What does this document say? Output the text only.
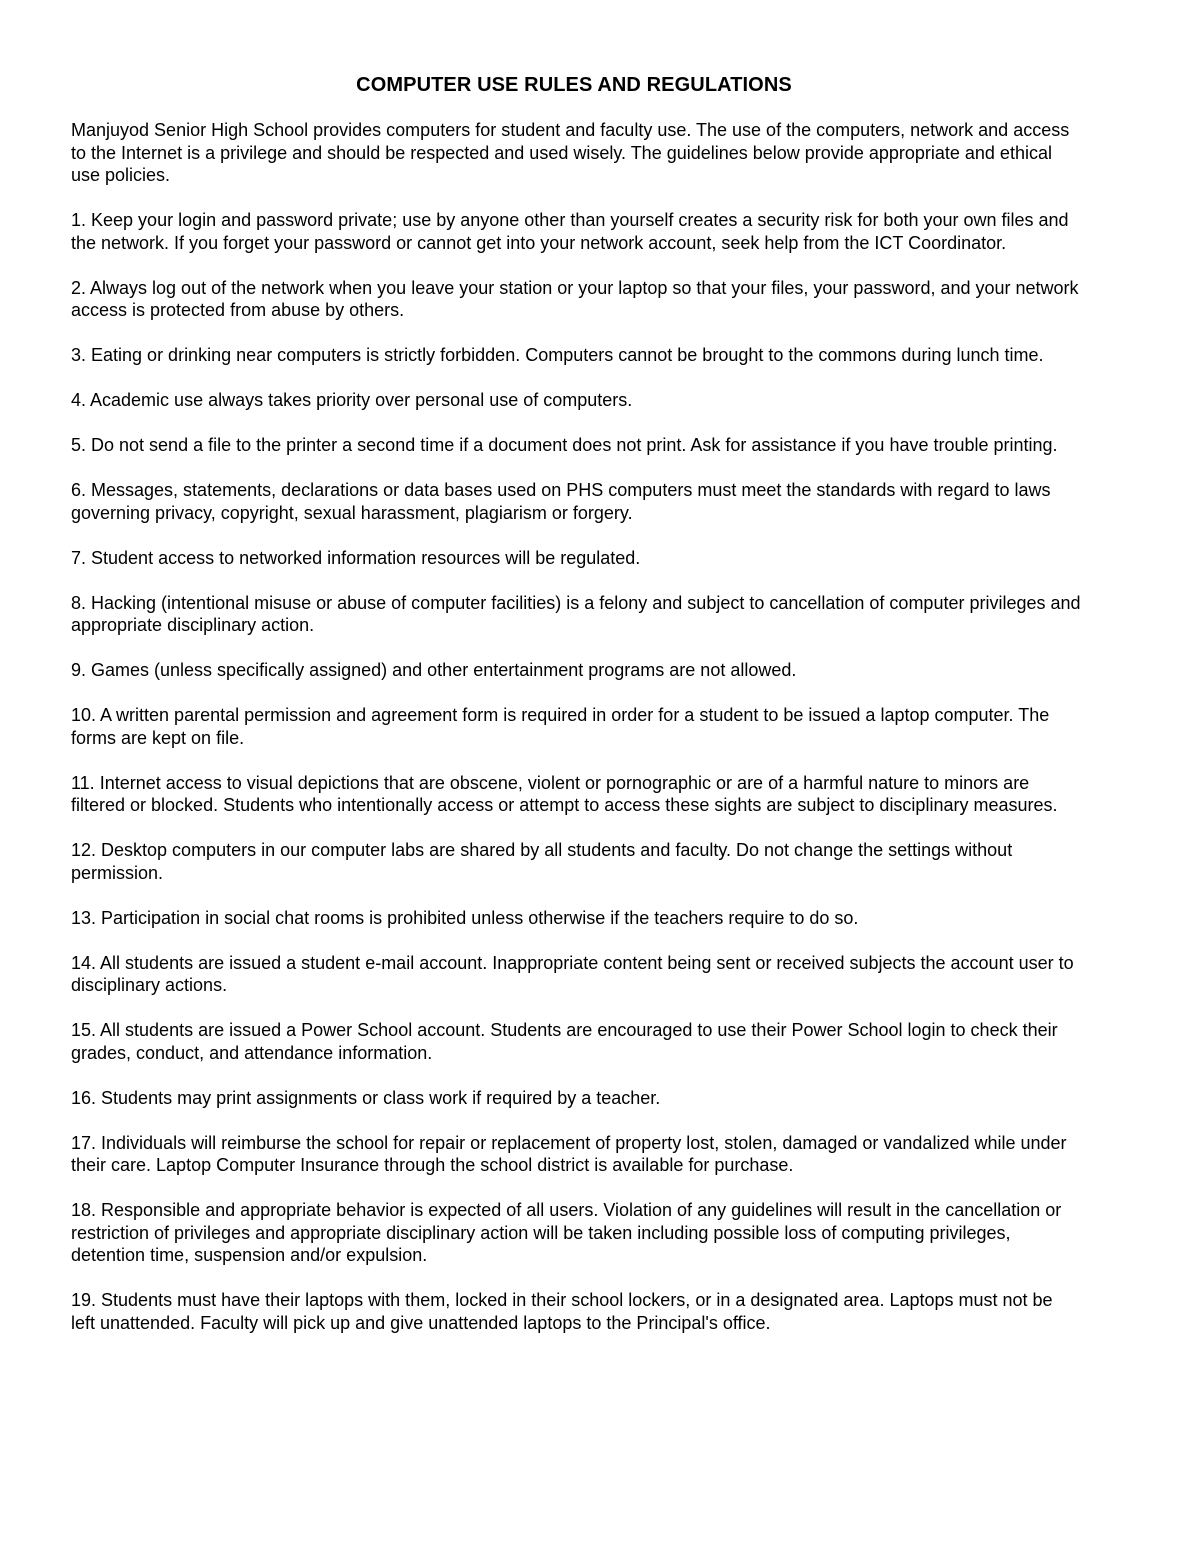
COMPUTER USE RULES AND REGULATIONS

Manjuyod Senior High School provides computers for student and faculty use. The use of the computers, network and access to the Internet is a privilege and should be respected and used wisely. The guidelines below provide appropriate and ethical use policies.

1. Keep your login and password private; use by anyone other than yourself creates a security risk for both your own files and the network. If you forget your password or cannot get into your network account, seek help from the ICT Coordinator.

2. Always log out of the network when you leave your station or your laptop so that your files, your password, and your network access is protected from abuse by others.

3. Eating or drinking near computers is strictly forbidden. Computers cannot be brought to the commons during lunch time.

4. Academic use always takes priority over personal use of computers.

5. Do not send a file to the printer a second time if a document does not print. Ask for assistance if you have trouble printing.

6. Messages, statements, declarations or data bases used on PHS computers must meet the standards with regard to laws governing privacy, copyright, sexual harassment, plagiarism or forgery.

7. Student access to networked information resources will be regulated.

8. Hacking (intentional misuse or abuse of computer facilities) is a felony and subject to cancellation of computer privileges and appropriate disciplinary action.

9. Games (unless specifically assigned) and other entertainment programs are not allowed.

10. A written parental permission and agreement form is required in order for a student to be issued a laptop computer. The forms are kept on file.

11. Internet access to visual depictions that are obscene, violent or pornographic or are of a harmful nature to minors are filtered or blocked. Students who intentionally access or attempt to access these sights are subject to disciplinary measures.

12. Desktop computers in our computer labs are shared by all students and faculty. Do not change the settings without permission.

13. Participation in social chat rooms is prohibited unless otherwise if the teachers require to do so.

14. All students are issued a student e-mail account. Inappropriate content being sent or received subjects the account user to disciplinary actions.

15. All students are issued a Power School account. Students are encouraged to use their Power School login to check their grades, conduct, and attendance information.

16. Students may print assignments or class work if required by a teacher.

17. Individuals will reimburse the school for repair or replacement of property lost, stolen, damaged or vandalized while under their care. Laptop Computer Insurance through the school district is available for purchase.

18. Responsible and appropriate behavior is expected of all users. Violation of any guidelines will result in the cancellation or restriction of privileges and appropriate disciplinary action will be taken including possible loss of computing privileges, detention time, suspension and/or expulsion.

19. Students must have their laptops with them, locked in their school lockers, or in a designated area. Laptops must not be left unattended. Faculty will pick up and give unattended laptops to the Principal's office.
